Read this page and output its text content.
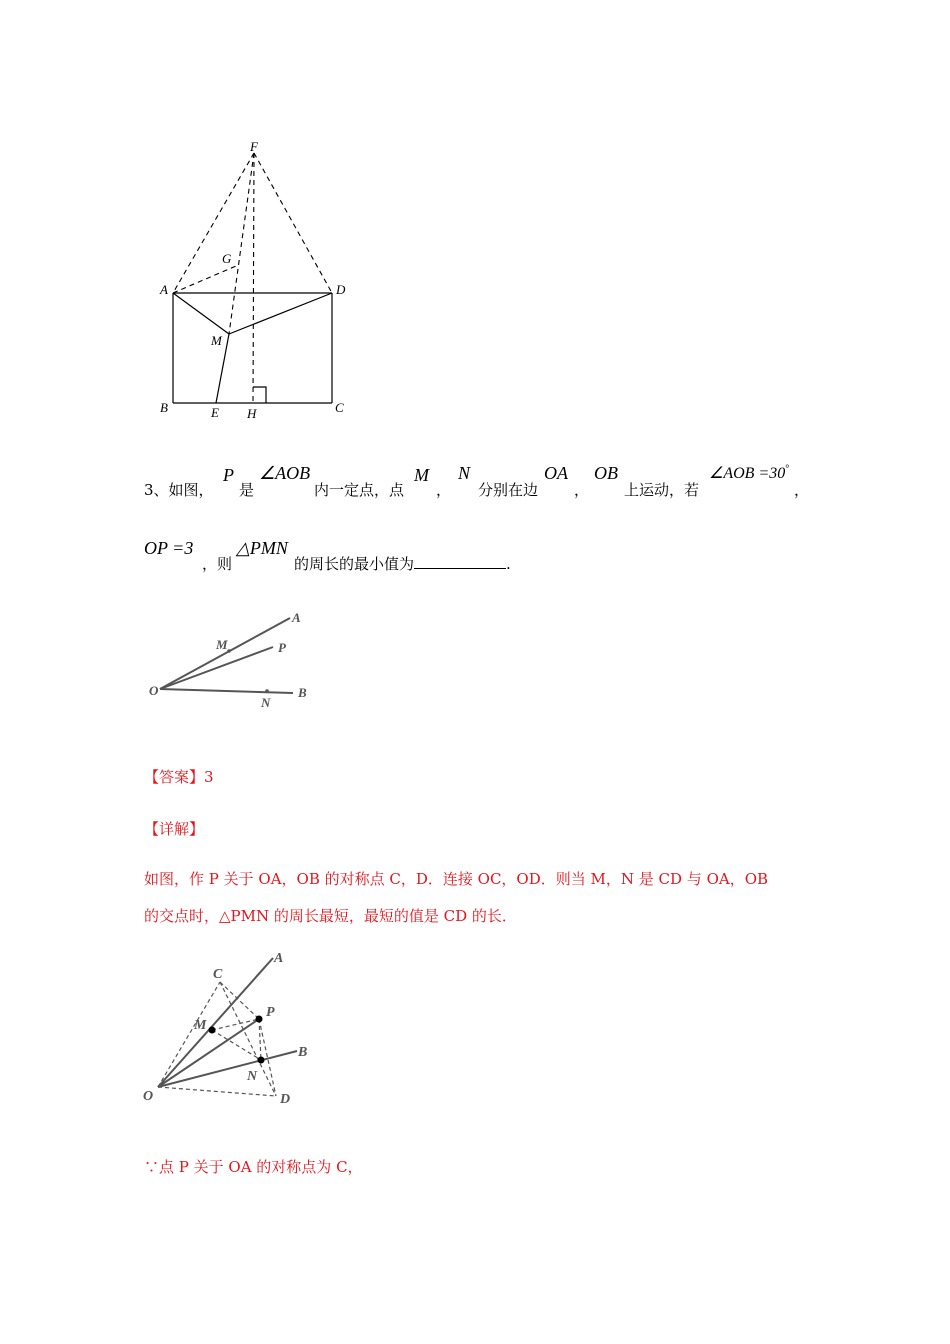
F
G
A	D
M
B	E H	C
3、如图，
P
是
∠AOB
内一定点，点
M
，
N
分别在边
OA
，
OB
上运动，若
∠AOB =30°
，
OP =3
，则
△PMN
的周长的最小值为	.
O
A
M	P
B
N
【答案】3
【详解】
如图，作 P 关于 OA，OB 的对称点 C，D．连接 OC，OD．则当 M，N 是 CD 与 OA，OB
的交点时，△PMN 的周长最短，最短的值是 CD 的长．
C
A
P
M
B
N
O	D
∵点 P 关于 OA 的对称点为 C，
